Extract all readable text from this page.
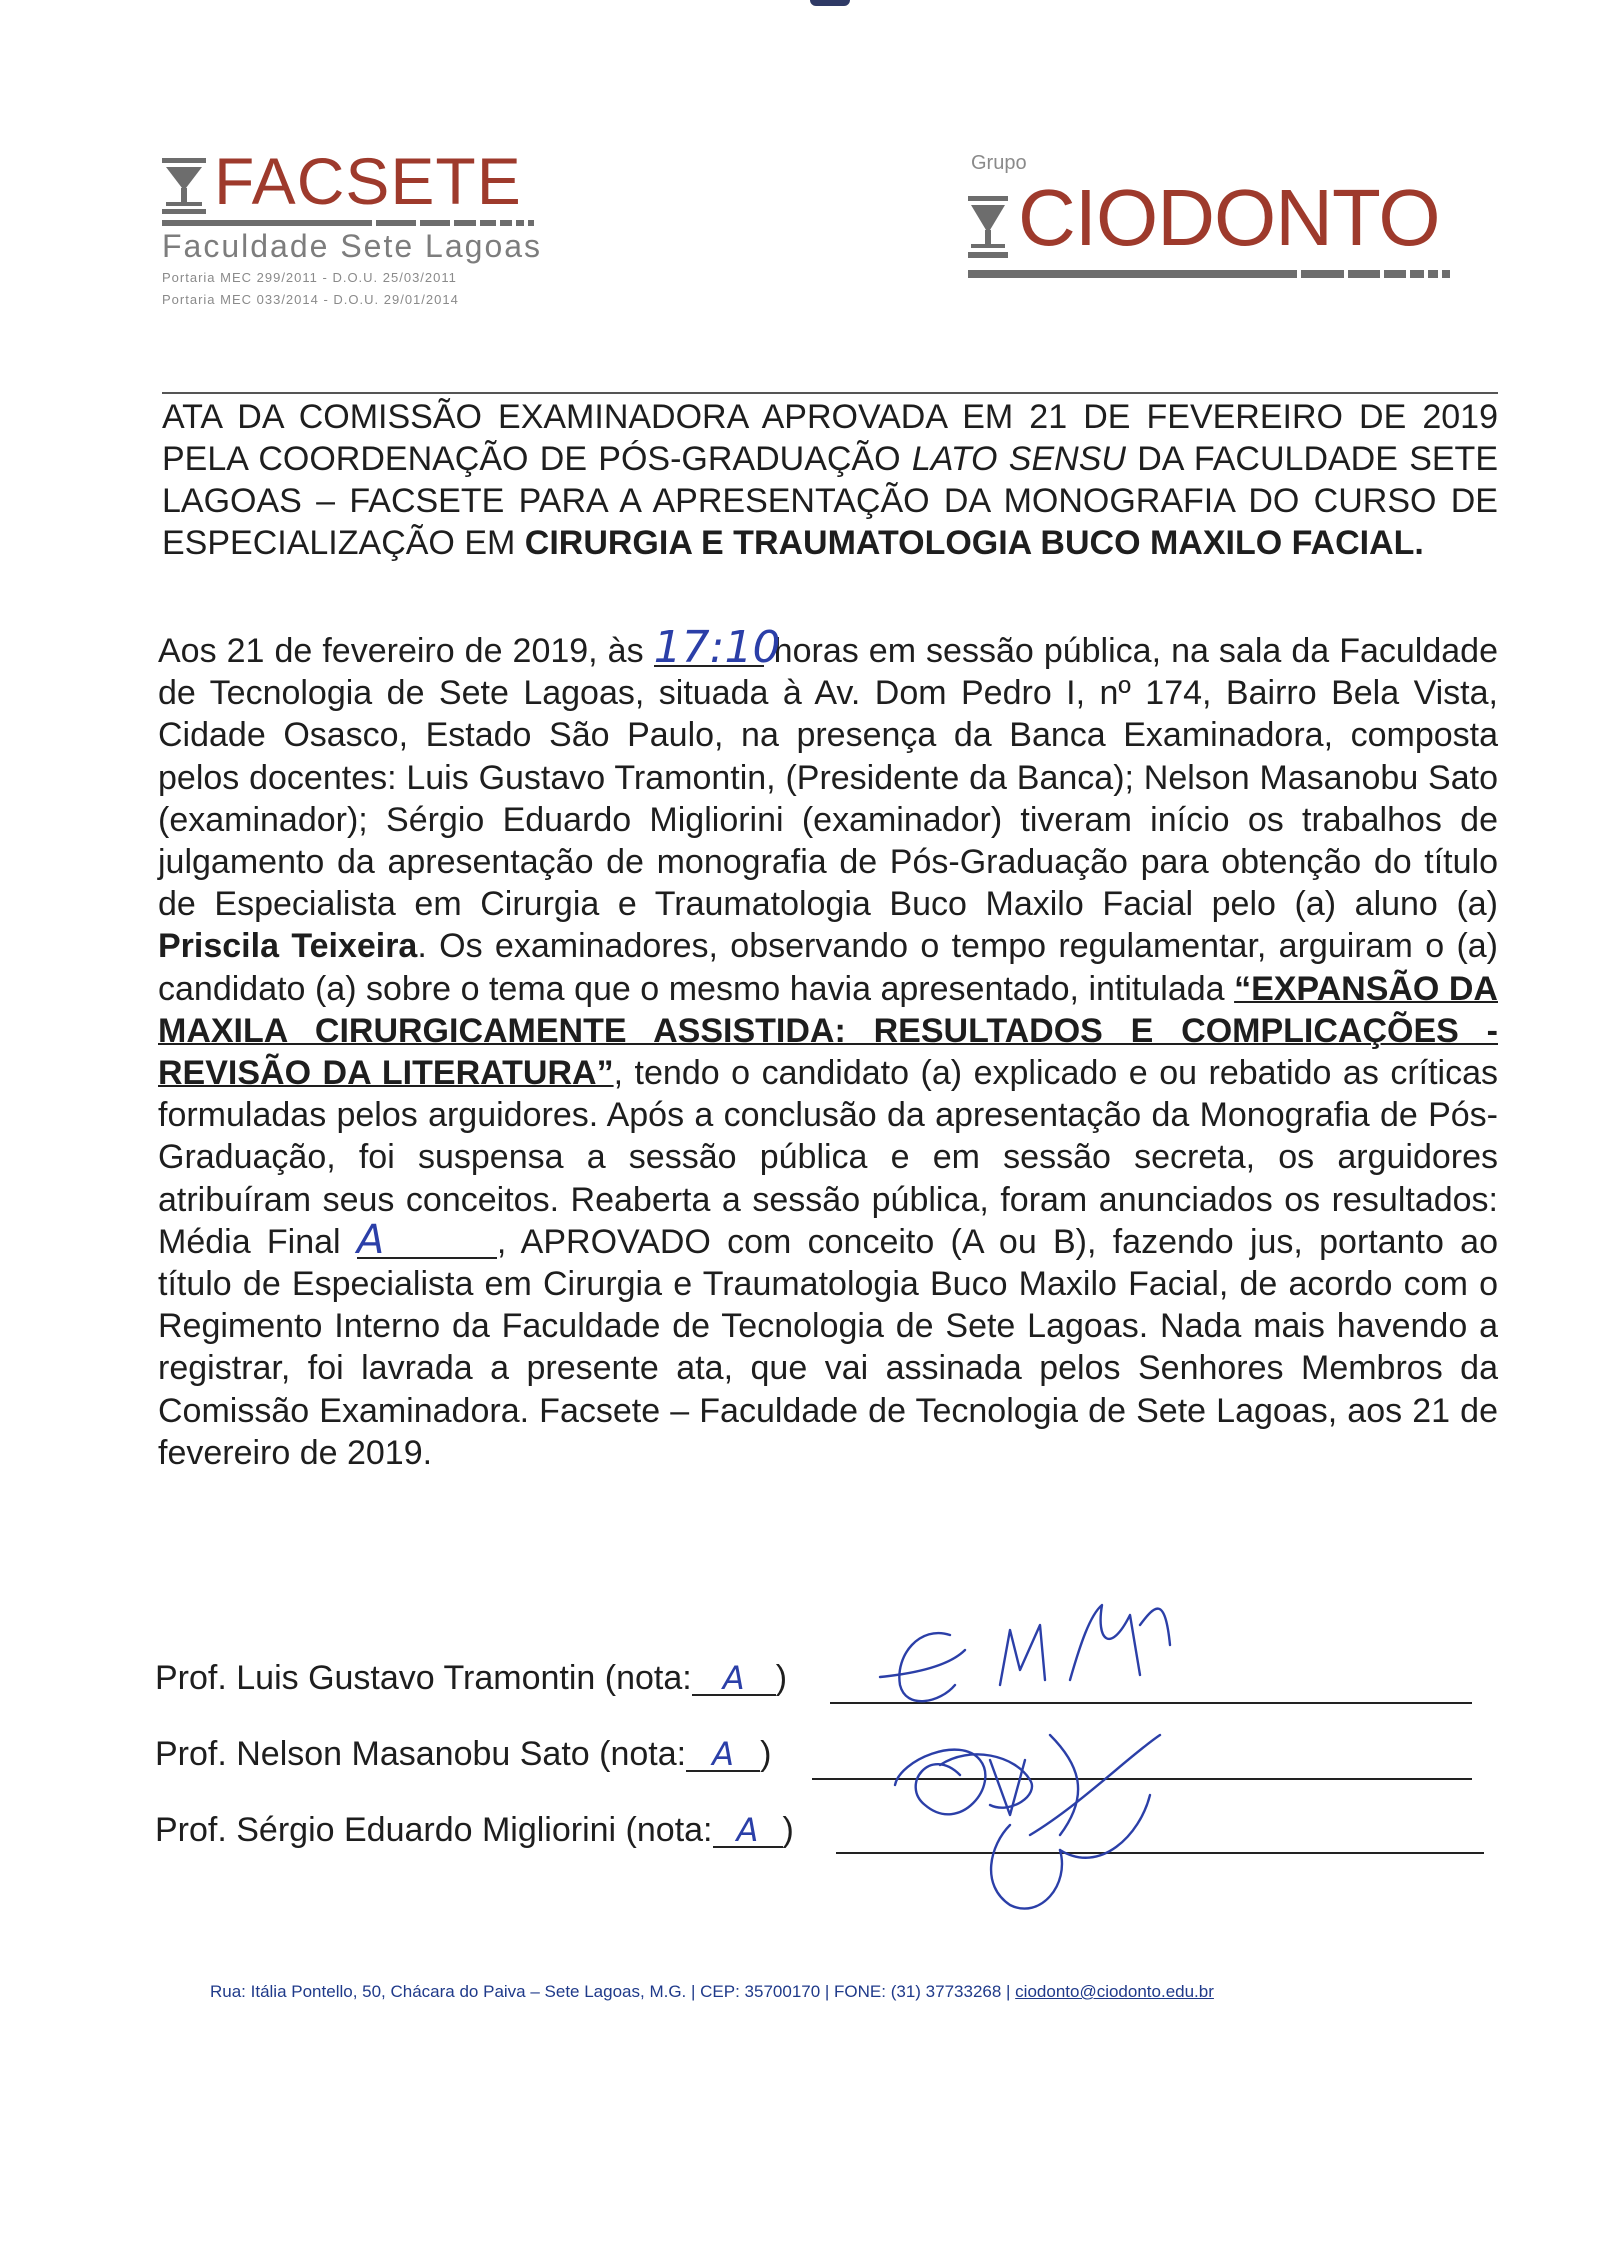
FACSETE
Faculdade Sete Lagoas
Portaria MEC 299/2011 - D.O.U. 25/03/2011
Portaria MEC 033/2014 - D.O.U. 29/01/2014
Grupo
CIODONTO
ATA DA COMISSÃO EXAMINADORA APROVADA EM 21 DE FEVEREIRO DE 2019 PELA COORDENAÇÃO DE PÓS-GRADUAÇÃO LATO SENSU DA FACULDADE SETE LAGOAS – FACSETE PARA A APRESENTAÇÃO DA MONOGRAFIA DO CURSO DE ESPECIALIZAÇÃO EM CIRURGIA E TRAUMATOLOGIA BUCO MAXILO FACIAL.

Aos 21 de fevereiro de 2019, às 17:10 horas em sessão pública, na sala da Faculdade de Tecnologia de Sete Lagoas, situada à Av. Dom Pedro I, nº 174, Bairro Bela Vista, Cidade Osasco, Estado São Paulo, na presença da Banca Examinadora, composta pelos docentes: Luis Gustavo Tramontin, (Presidente da Banca); Nelson Masanobu Sato (examinador); Sérgio Eduardo Migliorini (examinador) tiveram início os trabalhos de julgamento da apresentação de monografia de Pós-Graduação para obtenção do título de Especialista em Cirurgia e Traumatologia Buco Maxilo Facial pelo (a) aluno (a) Priscila Teixeira. Os examinadores, observando o tempo regulamentar, arguiram o (a) candidato (a) sobre o tema que o mesmo havia apresentado, intitulada “EXPANSÃO DA MAXILA CIRURGICAMENTE ASSISTIDA: RESULTADOS E COMPLICAÇÕES - REVISÃO DA LITERATURA”, tendo o candidato (a) explicado e ou rebatido as críticas formuladas pelos arguidores. Após a conclusão da apresentação da Monografia de Pós-Graduação, foi suspensa a sessão pública e em sessão secreta, os arguidores atribuíram seus conceitos. Reaberta a sessão pública, foram anunciados os resultados: Média Final A	, APROVADO com conceito (A ou B), fazendo jus, portanto ao título de Especialista em Cirurgia e Traumatologia Buco Maxilo Facial, de acordo com o Regimento Interno da Faculdade de Tecnologia de Sete Lagoas. Nada mais havendo a registrar, foi lavrada a presente ata, que vai assinada pelos Senhores Membros da Comissão Examinadora. Facsete – Faculdade de Tecnologia de Sete Lagoas, aos 21 de fevereiro de 2019.

Prof. Luis Gustavo Tramontin (nota: A )
Prof. Nelson Masanobu Sato (nota: A )
Prof. Sérgio Eduardo Migliorini (nota: A )
Rua: Itália Pontello, 50, Chácara do Paiva – Sete Lagoas, M.G. | CEP: 35700170 | FONE: (31) 37733268 | ciodonto@ciodonto.edu.br
